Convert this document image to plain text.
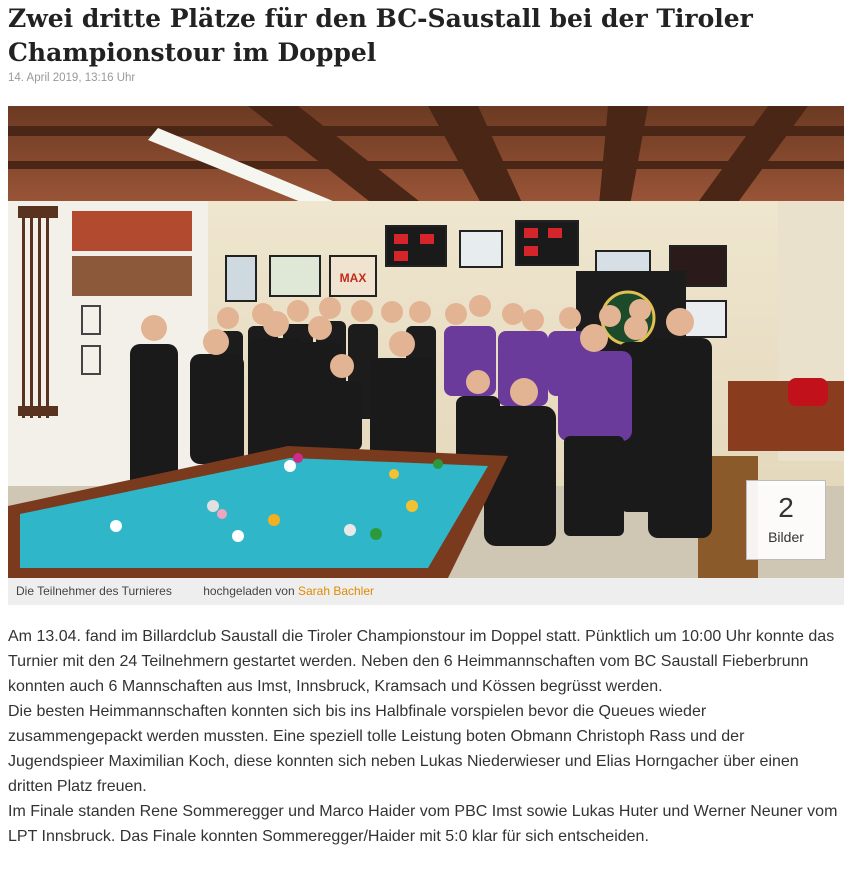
Zwei dritte Plätze für den BC-Saustall bei der Tiroler Championstour im Doppel
14. April 2019, 13:16 Uhr
MAX
2
Bilder
Die Teilnehmer des Turnieres	hochgeladen von Sarah Bachler

Am 13.04. fand im Billardclub Saustall die Tiroler Championstour im Doppel statt. Pünktlich um 10:00 Uhr konnte das Turnier mit den 24 Teilnehmern gestartet werden. Neben den 6 Heimmannschaften vom BC Saustall Fieberbrunn konnten auch 6 Mannschaften aus Imst, Innsbruck, Kramsach und Kössen begrüsst werden.

Die besten Heimmannschaften konnten sich bis ins Halbfinale vorspielen bevor die Queues wieder zusammengepackt werden mussten. Eine speziell tolle Leistung boten Obmann Christoph Rass und der Jugendspieer Maximilian Koch, diese konnten sich neben Lukas Niederwieser und Elias Horngacher über einen dritten Platz freuen.

Im Finale standen Rene Sommeregger und Marco Haider vom PBC Imst sowie Lukas Huter und Werner Neuner vom LPT Innsbruck. Das Finale konnten Sommeregger/Haider mit 5:0 klar für sich entscheiden.
